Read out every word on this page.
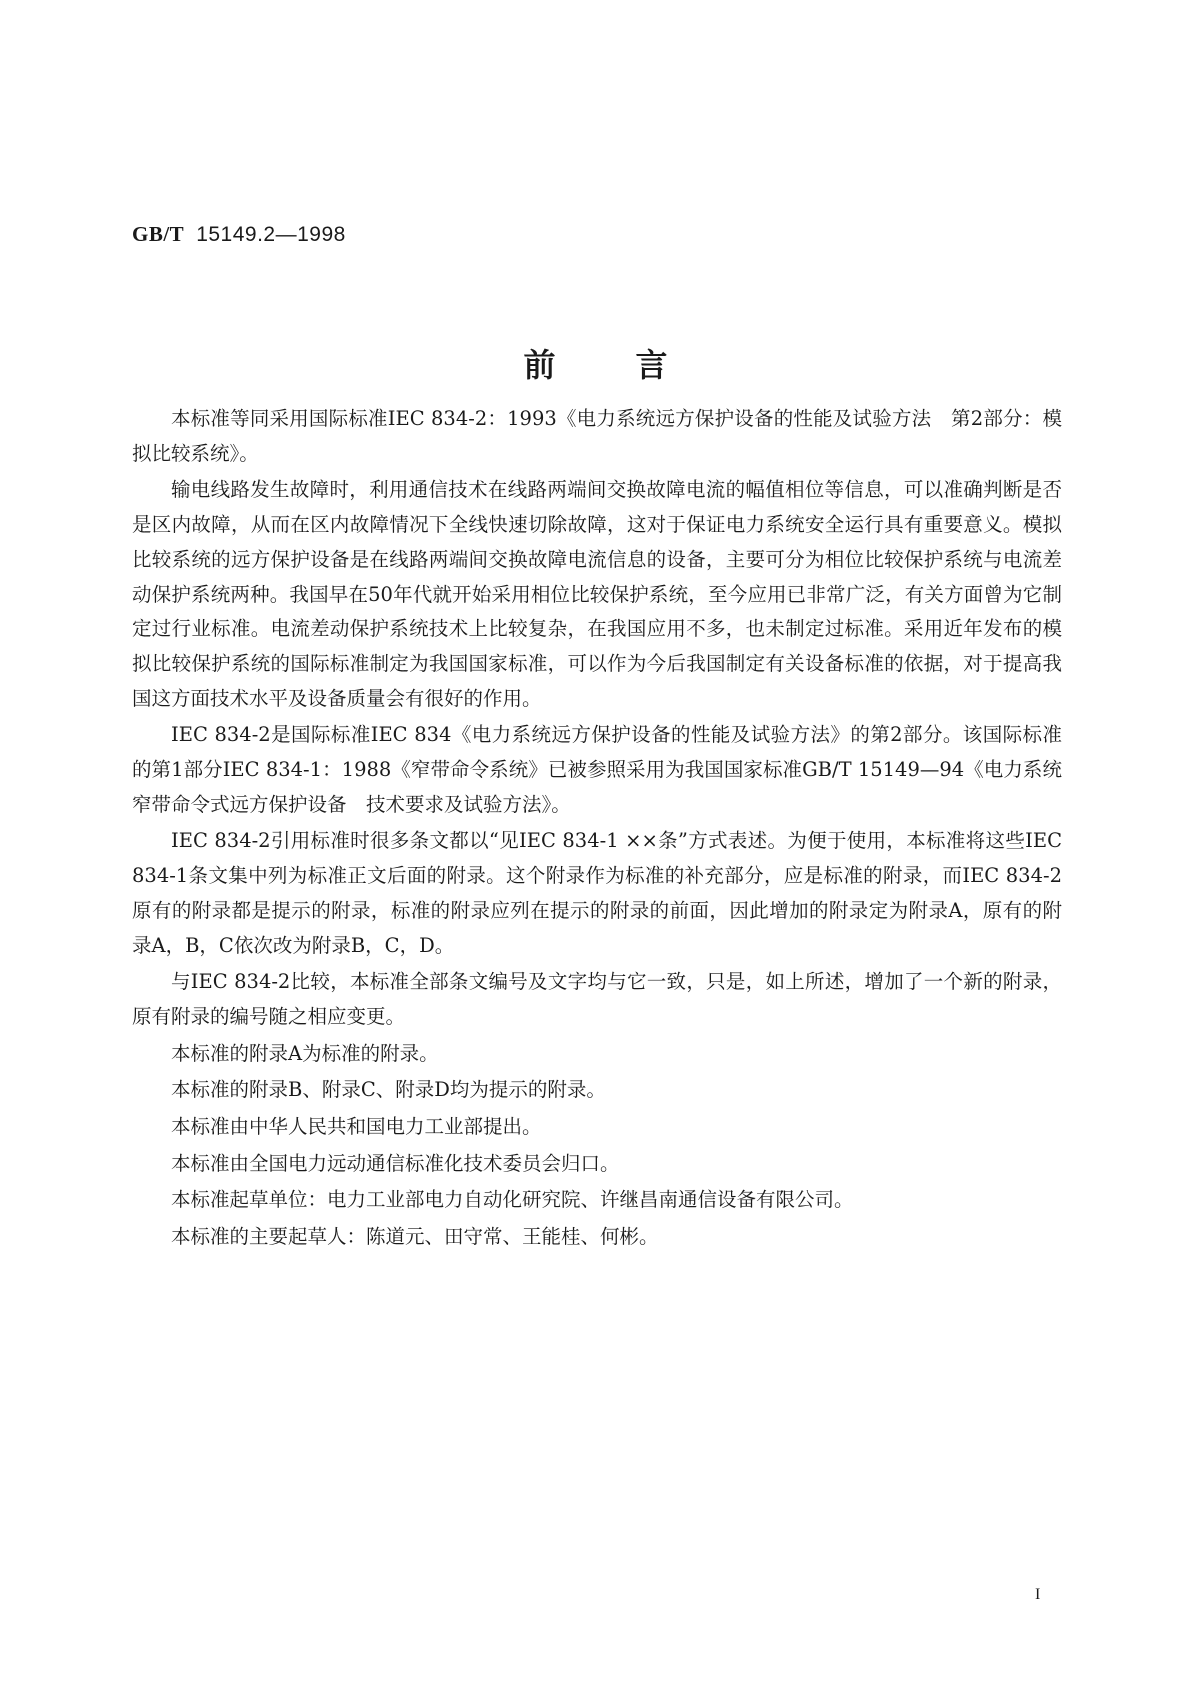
GB/T 15149.2—1998
前言

本标准等同采用国际标准IEC 834-2：1993《电力系统远方保护设备的性能及试验方法　第2部分：模拟比较系统》。

输电线路发生故障时，利用通信技术在线路两端间交换故障电流的幅值相位等信息，可以准确判断是否是区内故障，从而在区内故障情况下全线快速切除故障，这对于保证电力系统安全运行具有重要意义。模拟比较系统的远方保护设备是在线路两端间交换故障电流信息的设备，主要可分为相位比较保护系统与电流差动保护系统两种。我国早在50年代就开始采用相位比较保护系统，至今应用已非常广泛，有关方面曾为它制定过行业标准。电流差动保护系统技术上比较复杂，在我国应用不多，也未制定过标准。采用近年发布的模拟比较保护系统的国际标准制定为我国国家标准，可以作为今后我国制定有关设备标准的依据，对于提高我国这方面技术水平及设备质量会有很好的作用。

IEC 834-2是国际标准IEC 834《电力系统远方保护设备的性能及试验方法》的第2部分。该国际标准的第1部分IEC 834-1：1988《窄带命令系统》已被参照采用为我国国家标准GB/T 15149—94《电力系统窄带命令式远方保护设备　技术要求及试验方法》。

IEC 834-2引用标准时很多条文都以“见IEC 834-1 ××条”方式表述。为便于使用，本标准将这些IEC 834-1条文集中列为标准正文后面的附录。这个附录作为标准的补充部分，应是标准的附录，而IEC 834-2原有的附录都是提示的附录，标准的附录应列在提示的附录的前面，因此增加的附录定为附录A，原有的附录A，B，C依次改为附录B，C，D。

与IEC 834-2比较，本标准全部条文编号及文字均与它一致，只是，如上所述，增加了一个新的附录，原有附录的编号随之相应变更。

本标准的附录A为标准的附录。

本标准的附录B、附录C、附录D均为提示的附录。

本标准由中华人民共和国电力工业部提出。

本标准由全国电力远动通信标准化技术委员会归口。

本标准起草单位：电力工业部电力自动化研究院、许继昌南通信设备有限公司。

本标准的主要起草人：陈道元、田守常、王能桂、何彬。

I
